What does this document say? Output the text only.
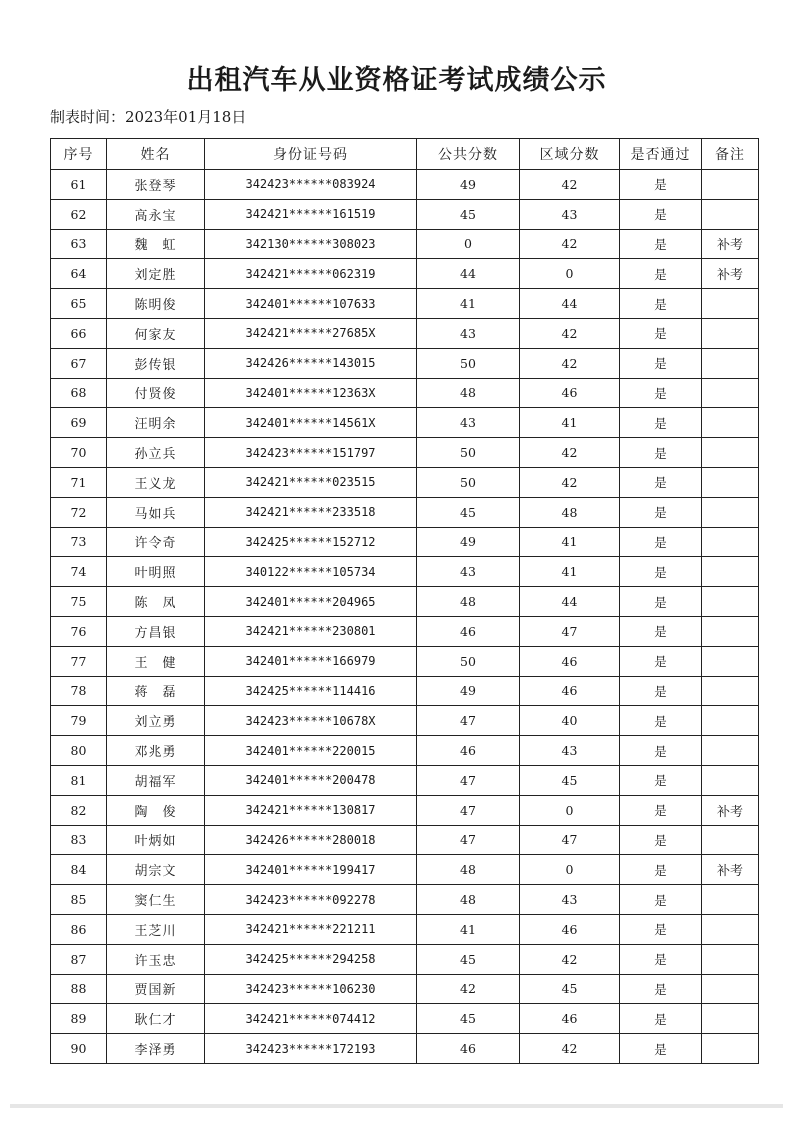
出租汽车从业资格证考试成绩公示
制表时间：2023年01月18日
序号	姓名	身份证号码	公共分数	区域分数	是否通过	备注
61	张登琴	342423******083924	49	42	是	
62	高永宝	342421******161519	45	43	是	
63	魏　虹	342130******308023	0	42	是	补考
64	刘定胜	342421******062319	44	0	是	补考
65	陈明俊	342401******107633	41	44	是	
66	何家友	342421******27685X	43	42	是	
67	彭传银	342426******143015	50	42	是	
68	付贤俊	342401******12363X	48	46	是	
69	汪明余	342401******14561X	43	41	是	
70	孙立兵	342423******151797	50	42	是	
71	王义龙	342421******023515	50	42	是	
72	马如兵	342421******233518	45	48	是	
73	许令奇	342425******152712	49	41	是	
74	叶明照	340122******105734	43	41	是	
75	陈　凤	342401******204965	48	44	是	
76	方昌银	342421******230801	46	47	是	
77	王　健	342401******166979	50	46	是	
78	蒋　磊	342425******114416	49	46	是	
79	刘立勇	342423******10678X	47	40	是	
80	邓兆勇	342401******220015	46	43	是	
81	胡福军	342401******200478	47	45	是	
82	陶　俊	342421******130817	47	0	是	补考
83	叶炳如	342426******280018	47	47	是	
84	胡宗文	342401******199417	48	0	是	补考
85	窦仁生	342423******092278	48	43	是	
86	王芝川	342421******221211	41	46	是	
87	许玉忠	342425******294258	45	42	是	
88	贾国新	342423******106230	42	45	是	
89	耿仁才	342421******074412	45	46	是	
90	李泽勇	342423******172193	46	42	是	
